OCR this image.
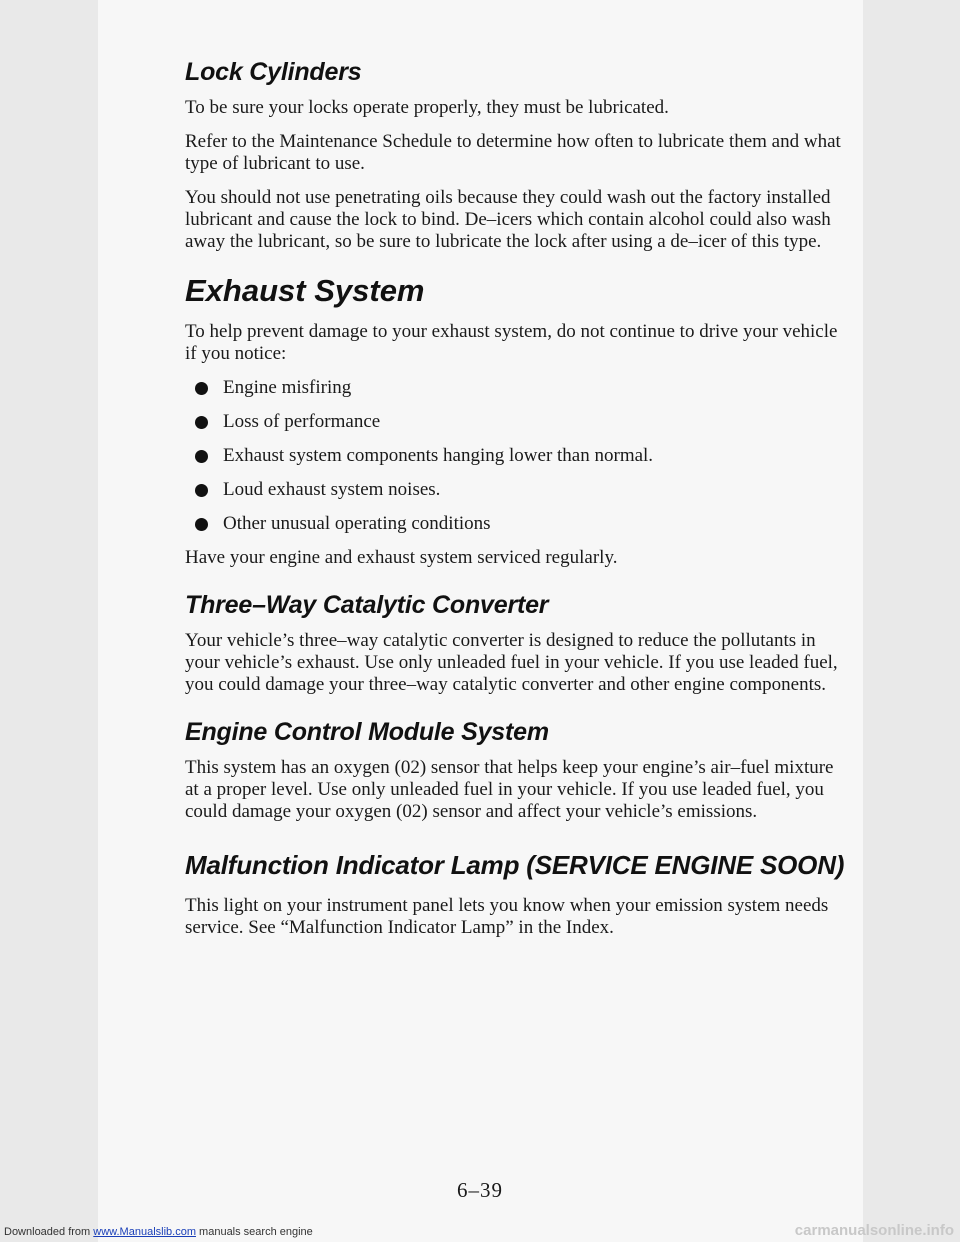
Lock Cylinders

To be sure your locks operate properly, they must be lubricated.

Refer to the Maintenance Schedule to determine how often to lubricate them and what type of lubricant to use.

You should not use penetrating oils because they could wash out the factory installed lubricant and cause the lock to bind. De–icers which contain alcohol could also wash away the lubricant, so be sure to lubricate the lock after using a de–icer of this type.

Exhaust System

To help prevent damage to your exhaust system, do not continue to drive your vehicle if you notice:

Engine misfiring
Loss of performance
Exhaust system components hanging lower than normal.
Loud exhaust system noises.
Other unusual operating conditions

Have your engine and exhaust system serviced regularly.

Three–Way Catalytic Converter

Your vehicle’s three–way catalytic converter is designed to reduce the pollutants in your vehicle’s exhaust. Use only unleaded fuel in your vehicle. If you use leaded fuel, you could damage your three–way catalytic converter and other engine components.

Engine Control Module System

This system has an oxygen (02) sensor that helps keep your engine’s air–fuel mixture at a proper level. Use only unleaded fuel in your vehicle. If you use leaded fuel, you could damage your oxygen (02) sensor and affect your vehicle’s emissions.

Malfunction Indicator Lamp (SERVICE ENGINE SOON)

This light on your instrument panel lets you know when your emission system needs service. See “Malfunction Indicator Lamp” in the Index.

6–39
Downloaded from www.Manualslib.com manuals search engine	carmanualsonline.info
